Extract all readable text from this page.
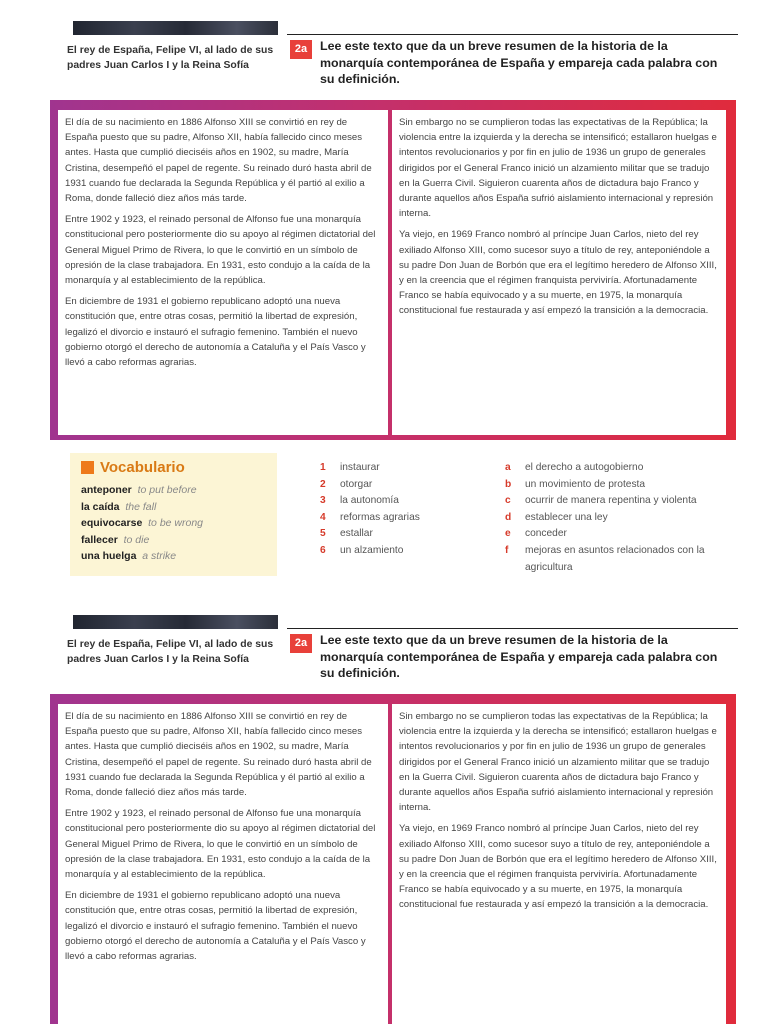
El rey de España, Felipe VI, al lado de sus padres Juan Carlos I y la Reina Sofía
2a	Lee este texto que da un breve resumen de la historia de la monarquía contemporánea de España y empareja cada palabra con su definición.

El día de su nacimiento en 1886 Alfonso XIII se convirtió en rey de España puesto que su padre, Alfonso XII, había fallecido cinco meses antes. Hasta que cumplió dieciséis años en 1902, su madre, María Cristina, desempeñó el papel de regente. Su reinado duró hasta abril de 1931 cuando fue declarada la Segunda República y él partió al exilio a Roma, donde falleció diez años más tarde.

Entre 1902 y 1923, el reinado personal de Alfonso fue una monarquía constitucional pero posteriormente dio su apoyo al régimen dictatorial del General Miguel Primo de Rivera, lo que le convirtió en un símbolo de opresión de la clase trabajadora. En 1931, esto condujo a la caída de la monarquía y al establecimiento de la república.

En diciembre de 1931 el gobierno republicano adoptó una nueva constitución que, entre otras cosas, permitió la libertad de expresión, legalizó el divorcio e instauró el sufragio femenino. También el nuevo gobierno otorgó el derecho de autonomía a Cataluña y el País Vasco y llevó a cabo reformas agrarias.

Sin embargo no se cumplieron todas las expectativas de la República; la violencia entre la izquierda y la derecha se intensificó; estallaron huelgas e intentos revolucionarios y por fin en julio de 1936 un grupo de generales dirigidos por el General Franco inició un alzamiento militar que se tradujo en la Guerra Civil. Siguieron cuarenta años de dictadura bajo Franco y durante aquellos años España sufrió aislamiento internacional y represión interna.

Ya viejo, en 1969 Franco nombró al príncipe Juan Carlos, nieto del rey exiliado Alfonso XIII, como sucesor suyo a título de rey, anteponiéndole a su padre Don Juan de Borbón que era el legítimo heredero de Alfonso XIII, y en la creencia que el régimen franquista perviviría. Afortunadamente Franco se había equivocado y a su muerte, en 1975, la monarquía constitucional fue restaurada y así empezó la transición a la democracia.

Vocabulario
anteponer to put before
la caída the fall
equivocarse to be wrong
fallecer to die
una huelga a strike
1	instaurar
2	otorgar
3	la autonomía
4	reformas agrarias
5	estallar
6	un alzamiento
a	el derecho a autogobierno
b	un movimiento de protesta
c	ocurrir de manera repentina y violenta
d	establecer una ley
e	conceder
f	mejoras en asuntos relacionados con la agricultura
El rey de España, Felipe VI, al lado de sus padres Juan Carlos I y la Reina Sofía
2a	Lee este texto que da un breve resumen de la historia de la monarquía contemporánea de España y empareja cada palabra con su definición.

El día de su nacimiento en 1886 Alfonso XIII se convirtió en rey de España puesto que su padre, Alfonso XII, había fallecido cinco meses antes. Hasta que cumplió dieciséis años en 1902, su madre, María Cristina, desempeñó el papel de regente. Su reinado duró hasta abril de 1931 cuando fue declarada la Segunda República y él partió al exilio a Roma, donde falleció diez años más tarde.

Entre 1902 y 1923, el reinado personal de Alfonso fue una monarquía constitucional pero posteriormente dio su apoyo al régimen dictatorial del General Miguel Primo de Rivera, lo que le convirtió en un símbolo de opresión de la clase trabajadora. En 1931, esto condujo a la caída de la monarquía y al establecimiento de la república.

En diciembre de 1931 el gobierno republicano adoptó una nueva constitución que, entre otras cosas, permitió la libertad de expresión, legalizó el divorcio e instauró el sufragio femenino. También el nuevo gobierno otorgó el derecho de autonomía a Cataluña y el País Vasco y llevó a cabo reformas agrarias.

Sin embargo no se cumplieron todas las expectativas de la República; la violencia entre la izquierda y la derecha se intensificó; estallaron huelgas e intentos revolucionarios y por fin en julio de 1936 un grupo de generales dirigidos por el General Franco inició un alzamiento militar que se tradujo en la Guerra Civil. Siguieron cuarenta años de dictadura bajo Franco y durante aquellos años España sufrió aislamiento internacional y represión interna.

Ya viejo, en 1969 Franco nombró al príncipe Juan Carlos, nieto del rey exiliado Alfonso XIII, como sucesor suyo a título de rey, anteponiéndole a su padre Don Juan de Borbón que era el legítimo heredero de Alfonso XIII, y en la creencia que el régimen franquista perviviría. Afortunadamente Franco se había equivocado y a su muerte, en 1975, la monarquía constitucional fue restaurada y así empezó la transición a la democracia.
